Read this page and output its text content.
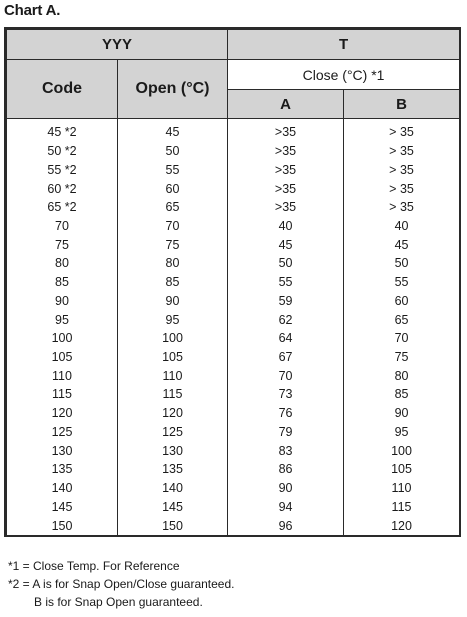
Chart A.
YYY		T	
Code	Open (°C)	Close (°C) *1	
		A	B
45 *2	45	>35	> 35
50 *2	50	>35	> 35
55 *2	55	>35	> 35
60 *2	60	>35	> 35
65 *2	65	>35	> 35
70	70	40	40
75	75	45	45
80	80	50	50
85	85	55	55
90	90	59	60
95	95	62	65
100	100	64	70
105	105	67	75
110	110	70	80
115	115	73	85
120	120	76	90
125	125	79	95
130	130	83	100
135	135	86	105
140	140	90	110
145	145	94	115
150	150	96	120
*1 = Close Temp. For Reference
*2 = A is for Snap Open/Close guaranteed.
B is for Snap Open guaranteed.
